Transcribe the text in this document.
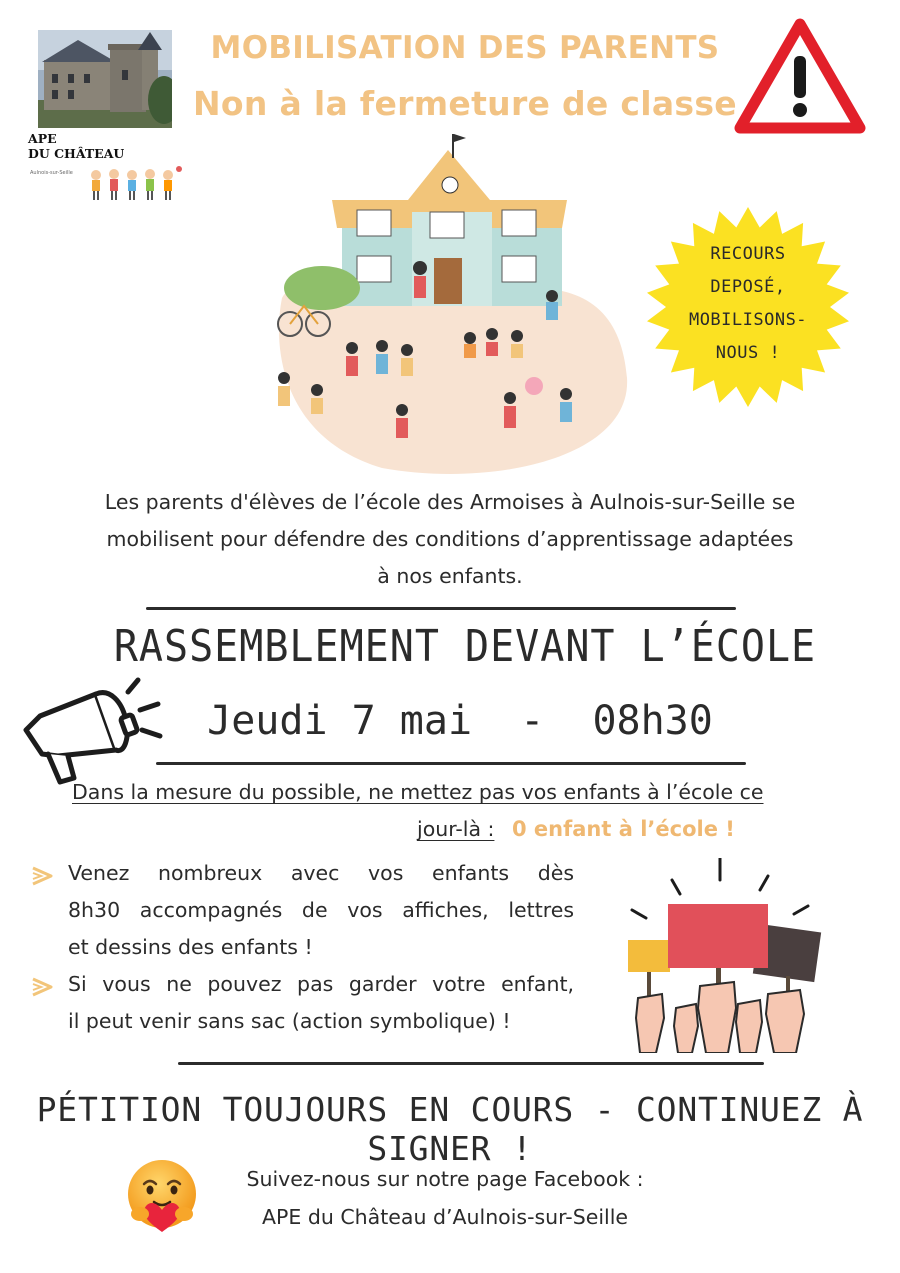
APE
DU CHÂTEAU
Aulnois-sur-Seille
MOBILISATION DES PARENTS
Non à la fermeture de classe
RECOURS
DEPOSÉ,
MOBILISONS-
NOUS !
Les parents d'élèves de l’école des Armoises à Aulnois-sur-Seille se
mobilisent pour défendre des conditions d’apprentissage adaptées
à nos enfants.
RASSEMBLEMENT DEVANT L’ÉCOLE
Jeudi 7 mai  -  08h30
Dans la mesure du possible, ne mettez pas vos enfants à l’école ce
jour-là : 0 enfant à l’école !
Venez nombreux avec vos enfants dès
8h30 accompagnés de vos affiches, lettres
et dessins des enfants !
Si vous ne pouvez pas garder votre enfant,
il peut venir sans sac (action symbolique) !
PÉTITION TOUJOURS EN COURS - CONTINUEZ À SIGNER !
Suivez-nous sur notre page Facebook :
APE du Château d’Aulnois-sur-Seille
